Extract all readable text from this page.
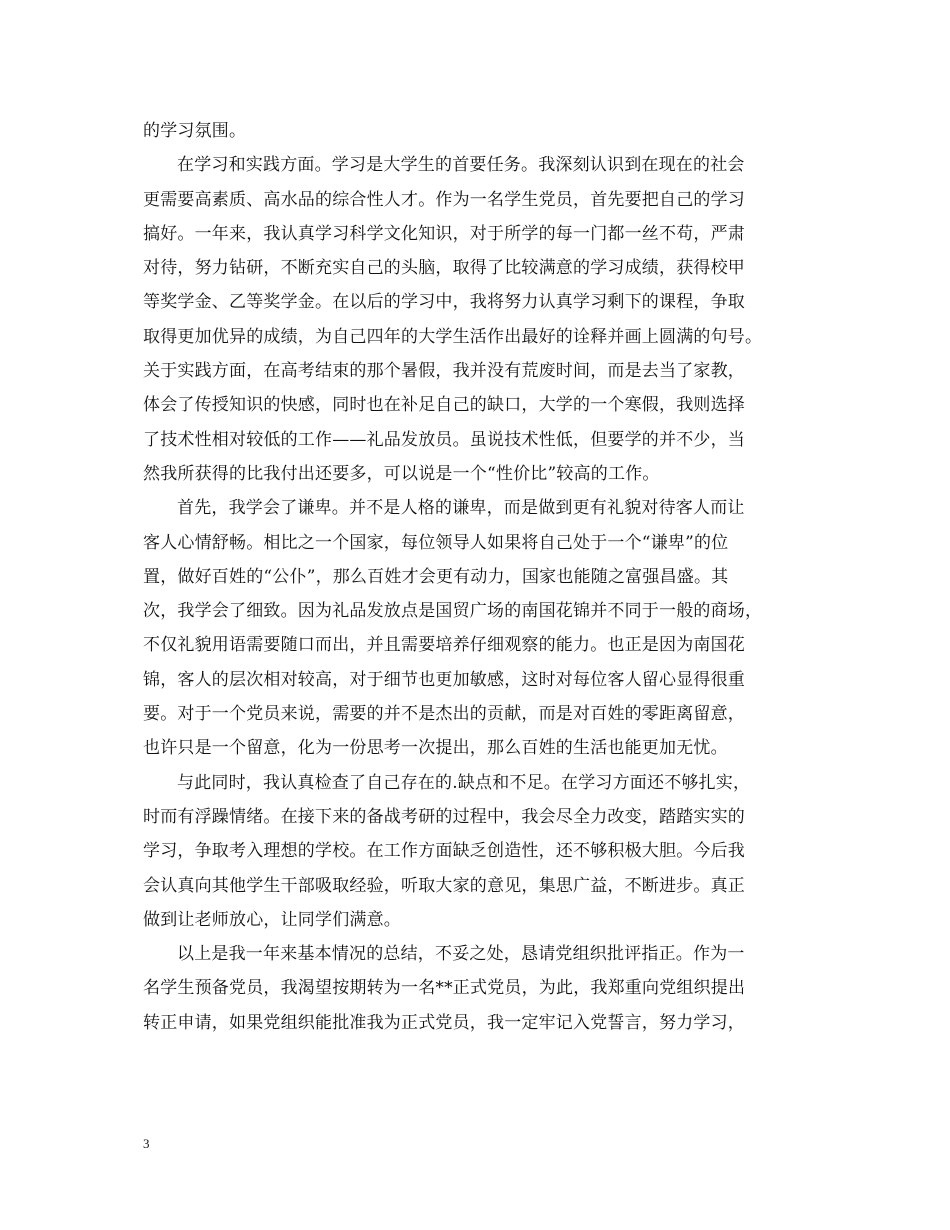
的学习氛围。
在学习和实践方面。学习是大学生的首要任务。我深刻认识到在现在的社会
更需要高素质、高水品的综合性人才。作为一名学生党员，首先要把自己的学习
搞好。一年来，我认真学习科学文化知识，对于所学的每一门都一丝不苟，严肃
对待，努力钻研，不断充实自己的头脑，取得了比较满意的学习成绩，获得校甲
等奖学金、乙等奖学金。在以后的学习中，我将努力认真学习剩下的课程，争取
取得更加优异的成绩，为自己四年的大学生活作出最好的诠释并画上圆满的句号。
关于实践方面，在高考结束的那个暑假，我并没有荒废时间，而是去当了家教，
体会了传授知识的快感，同时也在补足自己的缺口，大学的一个寒假，我则选择
了技术性相对较低的工作——礼品发放员。虽说技术性低，但要学的并不少，当
然我所获得的比我付出还要多，可以说是一个“性价比”较高的工作。
首先，我学会了谦卑。并不是人格的谦卑，而是做到更有礼貌对待客人而让
客人心情舒畅。相比之一个国家，每位领导人如果将自己处于一个“谦卑”的位
置，做好百姓的“公仆”，那么百姓才会更有动力，国家也能随之富强昌盛。其
次，我学会了细致。因为礼品发放点是国贸广场的南国花锦并不同于一般的商场，
不仅礼貌用语需要随口而出，并且需要培养仔细观察的能力。也正是因为南国花
锦，客人的层次相对较高，对于细节也更加敏感，这时对每位客人留心显得很重
要。对于一个党员来说，需要的并不是杰出的贡献，而是对百姓的零距离留意，
也许只是一个留意，化为一份思考一次提出，那么百姓的生活也能更加无忧。
与此同时，我认真检查了自己存在的.缺点和不足。在学习方面还不够扎实，
时而有浮躁情绪。在接下来的备战考研的过程中，我会尽全力改变，踏踏实实的
学习，争取考入理想的学校。在工作方面缺乏创造性，还不够积极大胆。今后我
会认真向其他学生干部吸取经验，听取大家的意见，集思广益，不断进步。真正
做到让老师放心，让同学们满意。
以上是我一年来基本情况的总结，不妥之处，恳请党组织批评指正。作为一
名学生预备党员，我渴望按期转为一名**正式党员，为此，我郑重向党组织提出
转正申请，如果党组织能批准我为正式党员，我一定牢记入党誓言，努力学习，
3
